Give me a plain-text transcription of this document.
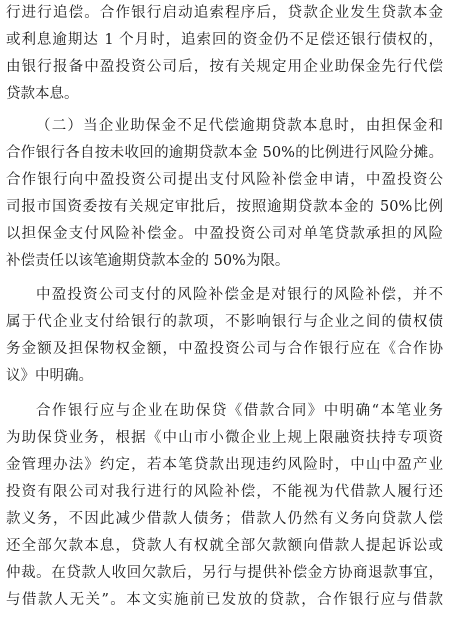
行进行追偿。合作银行启动追索程序后，贷款企业发生贷款本金
或利息逾期达 1 个月时，追索回的资金仍不足偿还银行债权的，
由银行报备中盈投资公司后，按有关规定用企业助保金先行代偿
贷款本息。
（二）当企业助保金不足代偿逾期贷款本息时，由担保金和
合作银行各自按未收回的逾期贷款本金 50%的比例进行风险分摊。
合作银行向中盈投资公司提出支付风险补偿金申请，中盈投资公
司报市国资委按有关规定审批后，按照逾期贷款本金的 50%比例
以担保金支付风险补偿金。中盈投资公司对单笔贷款承担的风险
补偿责任以该笔逾期贷款本金的 50%为限。
中盈投资公司支付的风险补偿金是对银行的风险补偿，并不
属于代企业支付给银行的款项，不影响银行与企业之间的债权债
务金额及担保物权金额，中盈投资公司与合作银行应在《合作协
议》中明确。
合作银行应与企业在助保贷《借款合同》中明确“本笔业务
为助保贷业务，根据《中山市小微企业上规上限融资扶持专项资
金管理办法》约定，若本笔贷款出现违约风险时，中山中盈产业
投资有限公司对我行进行的风险补偿，不能视为代借款人履行还
款义务，不因此减少借款人债务；借款人仍然有义务向贷款人偿
还全部欠款本息，贷款人有权就全部欠款额向借款人提起诉讼或
仲裁。在贷款人收回欠款后，另行与提供补偿金方协商退款事宜，
与借款人无关”。本文实施前已发放的贷款，合作银行应与借款
